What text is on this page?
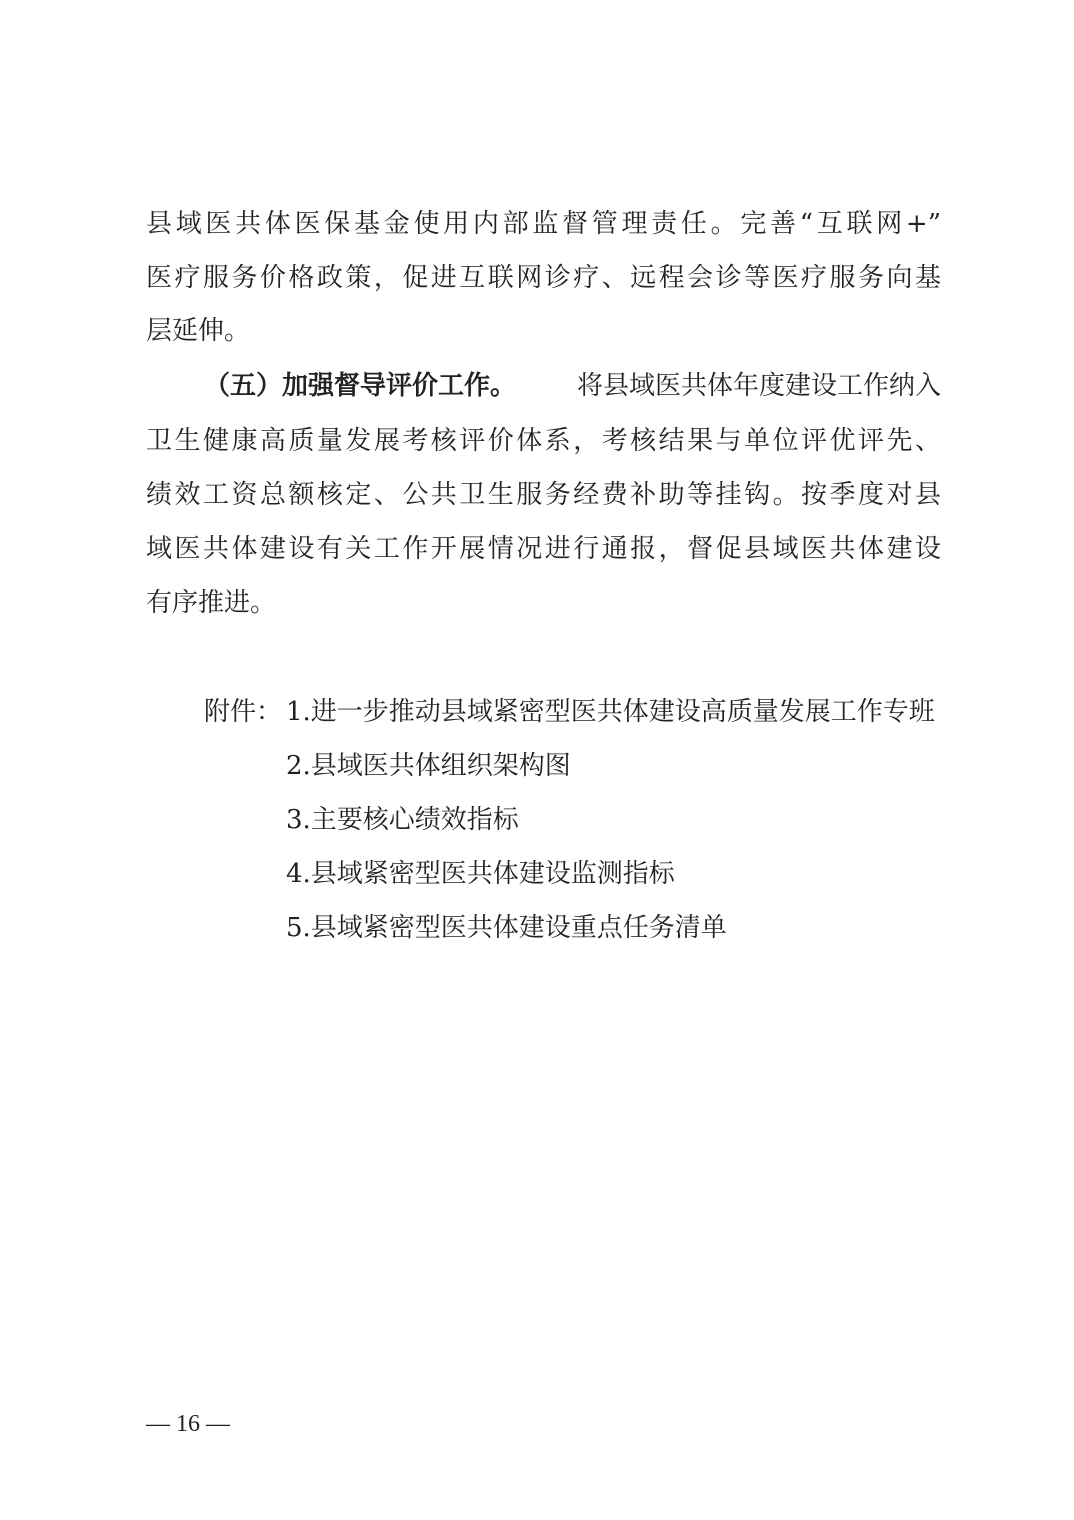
县域医共体医保基金使用内部监督管理责任。完善“互联网+”
医疗服务价格政策，促进互联网诊疗、远程会诊等医疗服务向基
层延伸。
（五）加强督导评价工作。 将县域医共体年度建设工作纳入
卫生健康高质量发展考核评价体系，考核结果与单位评优评先、
绩效工资总额核定、公共卫生服务经费补助等挂钩。按季度对县
域医共体建设有关工作开展情况进行通报，督促县域医共体建设
有序推进。
附件： 1.进一步推动县域紧密型医共体建设高质量发展工作专班
2.县域医共体组织架构图
3.主要核心绩效指标
4.县域紧密型医共体建设监测指标
5.县域紧密型医共体建设重点任务清单
— 16 —
